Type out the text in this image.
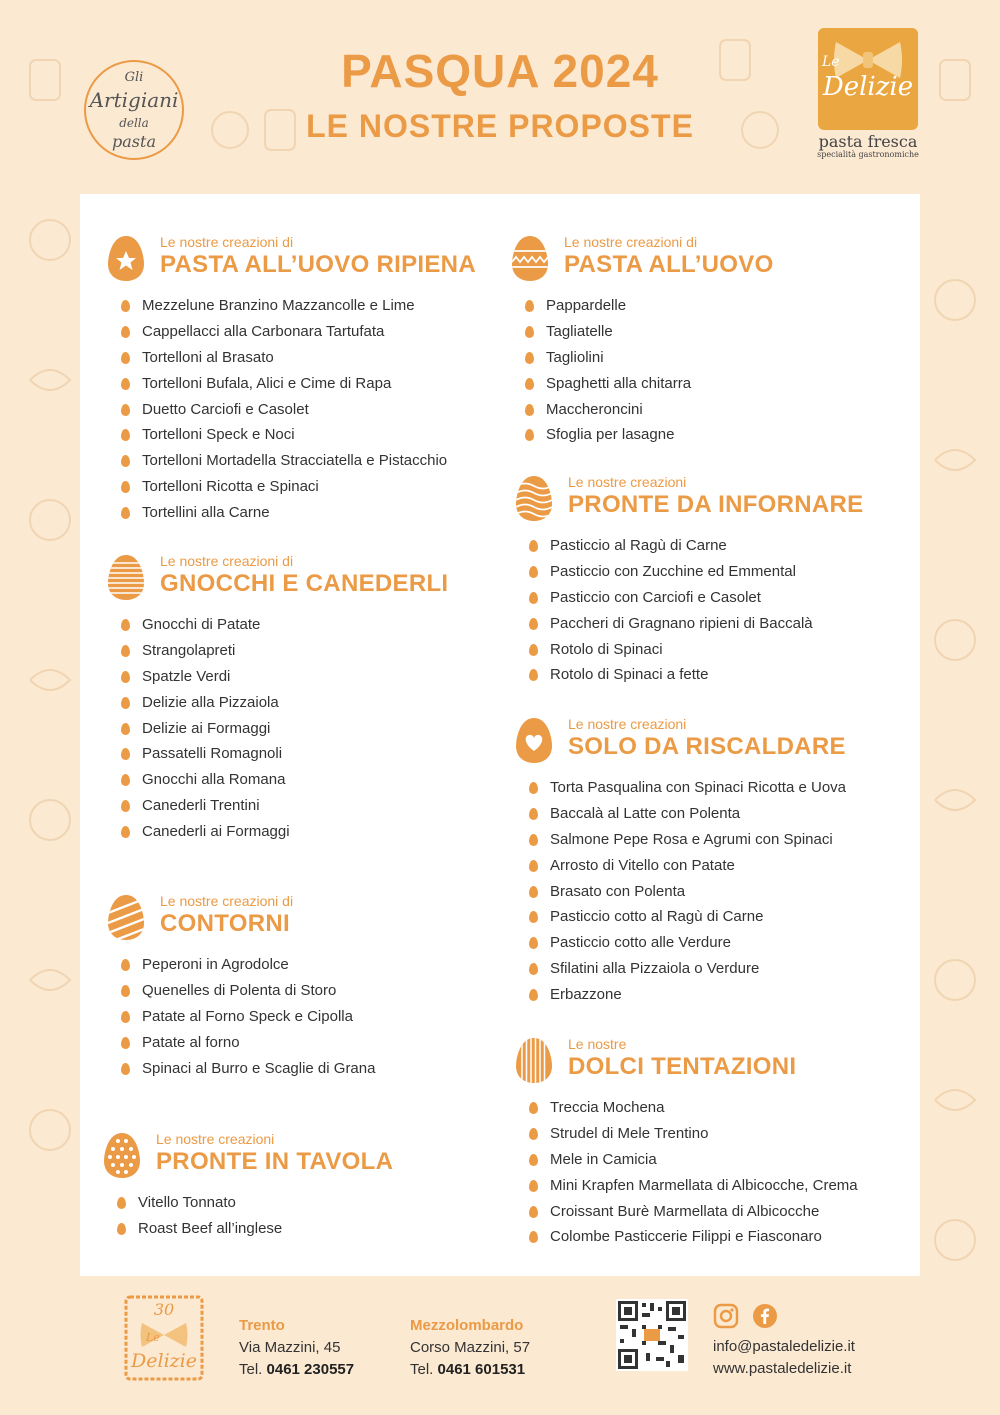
Gli
Artigiani
della
pasta
PASQUA 2024
LE NOSTRE PROPOSTE
Le
Delizie
pasta fresca
specialità gastronomiche
Le nostre creazioni di
PASTA ALL’UOVO RIPIENA
Mezzelune Branzino Mazzancolle e Lime
Cappellacci alla Carbonara Tartufata
Tortelloni al Brasato
Tortelloni Bufala, Alici e Cime di Rapa
Duetto Carciofi e Casolet
Tortelloni Speck e Noci
Tortelloni Mortadella Stracciatella e Pistacchio
Tortelloni Ricotta e Spinaci
Tortellini alla Carne
Le nostre creazioni di
GNOCCHI E CANEDERLI
Gnocchi di Patate
Strangolapreti
Spatzle Verdi
Delizie alla Pizzaiola
Delizie ai Formaggi
Passatelli Romagnoli
Gnocchi alla Romana
Canederli Trentini
Canederli ai Formaggi
Le nostre creazioni di
CONTORNI
Peperoni in Agrodolce
Quenelles di Polenta di Storo
Patate al Forno Speck e Cipolla
Patate al forno
Spinaci al Burro e Scaglie di Grana
Le nostre creazioni
PRONTE IN TAVOLA
Vitello Tonnato
Roast Beef all’inglese
Le nostre creazioni di
PASTA ALL’UOVO
Pappardelle
Tagliatelle
Tagliolini
Spaghetti alla chitarra
Maccheroncini
Sfoglia per lasagne
Le nostre creazioni
PRONTE DA INFORNARE
Pasticcio al Ragù di Carne
Pasticcio con Zucchine ed Emmental
Pasticcio con Carciofi e Casolet
Paccheri di Gragnano ripieni di Baccalà
Rotolo di Spinaci
Rotolo di Spinaci a fette
Le nostre creazioni
SOLO DA RISCALDARE
Torta Pasqualina con Spinaci Ricotta e Uova
Baccalà al Latte con Polenta
Salmone Pepe Rosa e Agrumi con Spinaci
Arrosto di Vitello con Patate
Brasato con Polenta
Pasticcio cotto al Ragù di Carne
Pasticcio cotto alle Verdure
Sfilatini alla Pizzaiola o Verdure
Erbazzone
Le nostre
DOLCI TENTAZIONI
Treccia Mochena
Strudel di Mele Trentino
Mele in Camicia
Mini Krapfen Marmellata di Albicocche, Crema
Croissant Burè Marmellata di Albicocche
Colombe Pasticcerie Filippi e Fiasconaro
30
Le
Delizie
Trento
Via Mazzini, 45
Tel. 0461 230557
Mezzolombardo
Corso Mazzini, 57
Tel. 0461 601531
info@pastaledelizie.it
www.pastaledelizie.it
